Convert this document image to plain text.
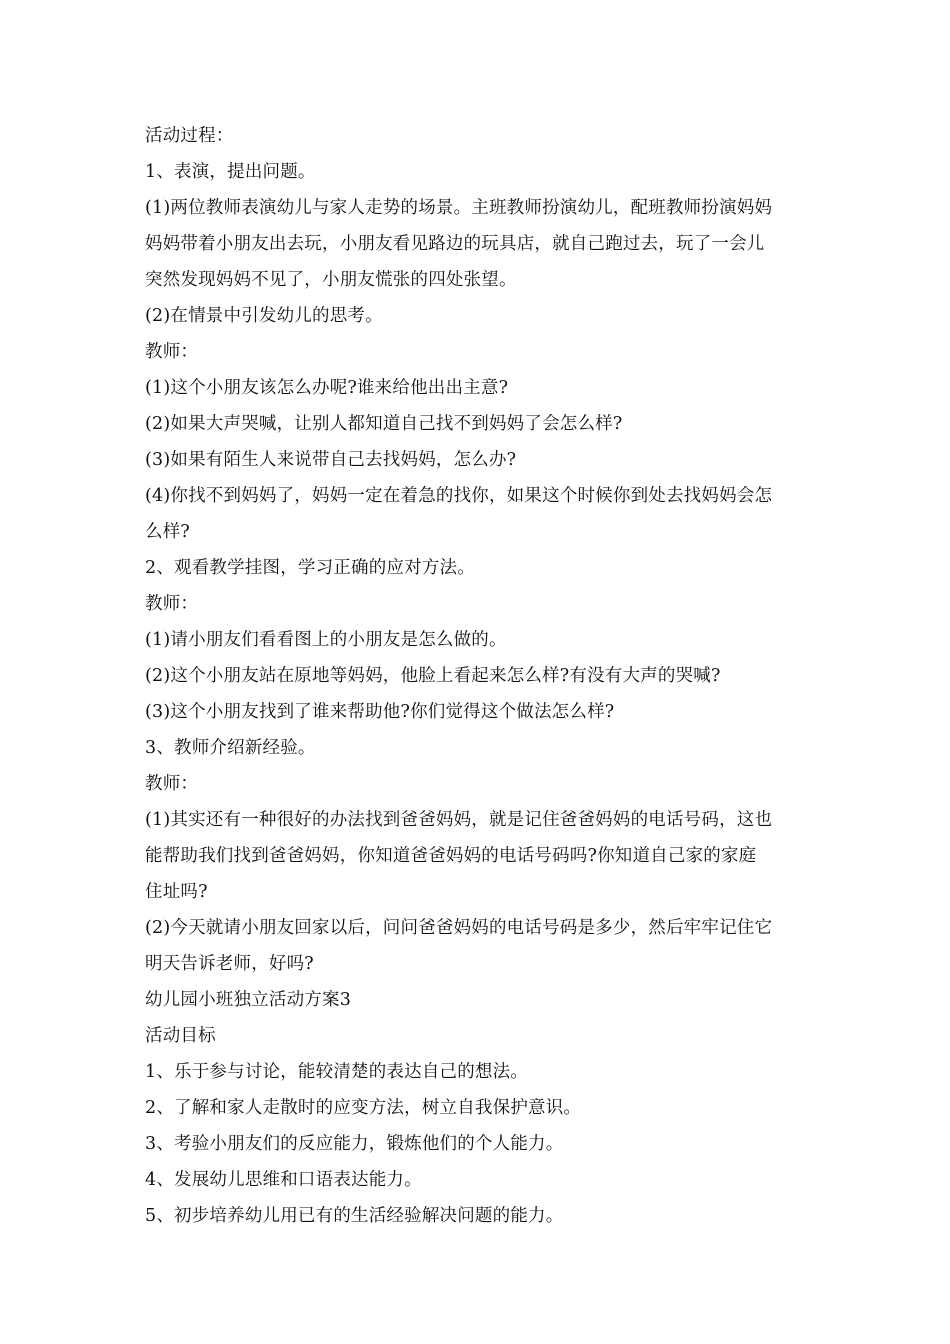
活动过程：
1、表演，提出问题。
(1)两位教师表演幼儿与家人走势的场景。主班教师扮演幼儿，配班教师扮演妈妈
妈妈带着小朋友出去玩，小朋友看见路边的玩具店，就自己跑过去，玩了一会儿
突然发现妈妈不见了，小朋友慌张的四处张望。
(2)在情景中引发幼儿的思考。
教师：
(1)这个小朋友该怎么办呢?谁来给他出出主意?
(2)如果大声哭喊，让别人都知道自己找不到妈妈了会怎么样?
(3)如果有陌生人来说带自己去找妈妈，怎么办?
(4)你找不到妈妈了，妈妈一定在着急的找你，如果这个时候你到处去找妈妈会怎
么样?
2、观看教学挂图，学习正确的应对方法。
教师：
(1)请小朋友们看看图上的小朋友是怎么做的。
(2)这个小朋友站在原地等妈妈，他脸上看起来怎么样?有没有大声的哭喊?
(3)这个小朋友找到了谁来帮助他?你们觉得这个做法怎么样?
3、教师介绍新经验。
教师：
(1)其实还有一种很好的办法找到爸爸妈妈，就是记住爸爸妈妈的电话号码，这也
能帮助我们找到爸爸妈妈，你知道爸爸妈妈的电话号码吗?你知道自己家的家庭
住址吗?
(2)今天就请小朋友回家以后，问问爸爸妈妈的电话号码是多少，然后牢牢记住它
明天告诉老师，好吗?
幼儿园小班独立活动方案3
活动目标
1、乐于参与讨论，能较清楚的表达自己的想法。
2、了解和家人走散时的应变方法，树立自我保护意识。
3、考验小朋友们的反应能力，锻炼他们的个人能力。
4、发展幼儿思维和口语表达能力。
5、初步培养幼儿用已有的生活经验解决问题的能力。
